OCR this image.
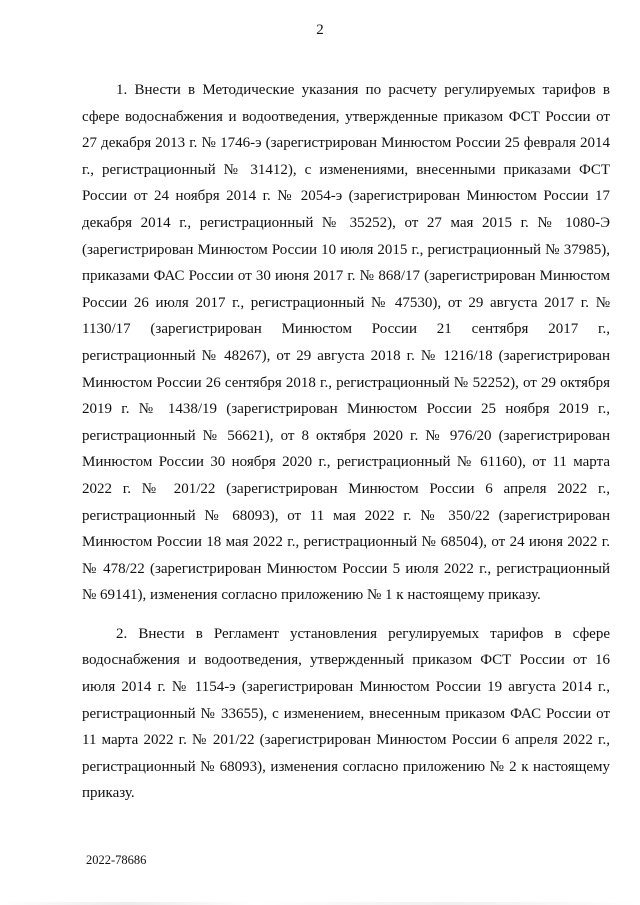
2

1. Внести в Методические указания по расчету регулируемых тарифов в сфере водоснабжения и водоотведения, утвержденные приказом ФСТ России от 27 декабря 2013 г. № 1746-э (зарегистрирован Минюстом России 25 февраля 2014 г., регистрационный № 31412), с изменениями, внесенными приказами ФСТ России от 24 ноября 2014 г. № 2054-э (зарегистрирован Минюстом России 17 декабря 2014 г., регистрационный № 35252), от 27 мая 2015 г. № 1080-Э (зарегистрирован Минюстом России 10 июля 2015 г., регистрационный № 37985), приказами ФАС России от 30 июня 2017 г. № 868/17 (зарегистрирован Минюстом России 26 июля 2017 г., регистрационный № 47530), от 29 августа 2017 г. № 1130/17 (зарегистрирован Минюстом России 21 сентября 2017 г., регистрационный № 48267), от 29 августа 2018 г. № 1216/18 (зарегистрирован Минюстом России 26 сентября 2018 г., регистрационный № 52252), от 29 октября 2019 г. № 1438/19 (зарегистрирован Минюстом России 25 ноября 2019 г., регистрационный № 56621), от 8 октября 2020 г. № 976/20 (зарегистрирован Минюстом России 30 ноября 2020 г., регистрационный № 61160), от 11 марта 2022 г. № 201/22 (зарегистрирован Минюстом России 6 апреля 2022 г., регистрационный № 68093), от 11 мая 2022 г. № 350/22 (зарегистрирован Минюстом России 18 мая 2022 г., регистрационный № 68504), от 24 июня 2022 г. № 478/22 (зарегистрирован Минюстом России 5 июля 2022 г., регистрационный № 69141), изменения согласно приложению № 1 к настоящему приказу.

2. Внести в Регламент установления регулируемых тарифов в сфере водоснабжения и водоотведения, утвержденный приказом ФСТ России от 16 июля 2014 г. № 1154-э (зарегистрирован Минюстом России 19 августа 2014 г., регистрационный № 33655), с изменением, внесенным приказом ФАС России от 11 марта 2022 г. № 201/22 (зарегистрирован Минюстом России 6 апреля 2022 г., регистрационный № 68093), изменения согласно приложению № 2 к настоящему приказу.

2022-78686
